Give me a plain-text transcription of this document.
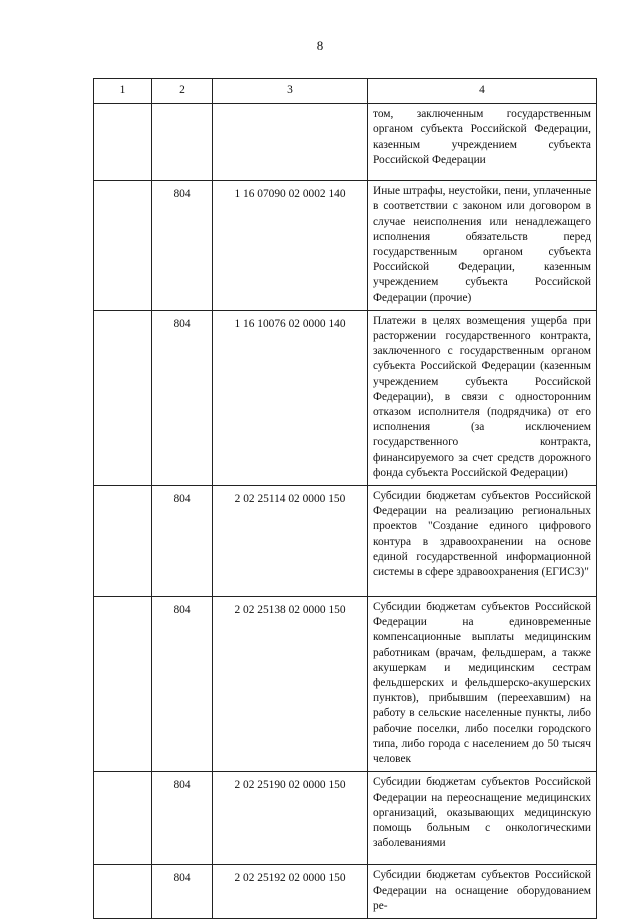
8
1	2	3	4

			том, заключенным государственным органом субъекта Российской Федерации, казенным учреждением субъекта Российской Федерации

	804	1 16 07090 02 0002 140	Иные штрафы, неустойки, пени, уплаченные в соответствии с законом или договором в случае неисполнения или ненадлежащего исполнения обязательств перед государственным органом субъекта Российской Федерации, казенным учреждением субъекта Российской Федерации (прочие)

	804	1 16 10076 02 0000 140	Платежи в целях возмещения ущерба при расторжении государственного контракта, заключенного с государственным органом субъекта Российской Федерации (казенным учреждением субъекта Российской Федерации), в связи с односторонним отказом исполнителя (подрядчика) от его исполнения (за исключением государственного контракта, финансируемого за счет средств дорожного фонда субъекта Российской Федерации)

	804	2 02 25114 02 0000 150	Субсидии бюджетам субъектов Российской Федерации на реализацию региональных проектов "Создание единого цифрового контура в здравоохранении на основе единой государственной информационной системы в сфере здравоохранения (ЕГИСЗ)"

	804	2 02 25138 02 0000 150	Субсидии бюджетам субъектов Российской Федерации на единовременные компенсационные выплаты медицинским работникам (врачам, фельдшерам, а также акушеркам и медицинским сестрам фельдшерских и фельдшерско-акушерских пунктов), прибывшим (переехавшим) на работу в сельские населенные пункты, либо рабочие поселки, либо поселки городского типа, либо города с населением до 50 тысяч человек

	804	2 02 25190 02 0000 150	Субсидии бюджетам субъектов Российской Федерации на переоснащение медицинских организаций, оказывающих медицинскую помощь больным с онкологическими заболеваниями

	804	2 02 25192 02 0000 150	Субсидии бюджетам субъектов Российской Федерации на оснащение оборудованием ре-
